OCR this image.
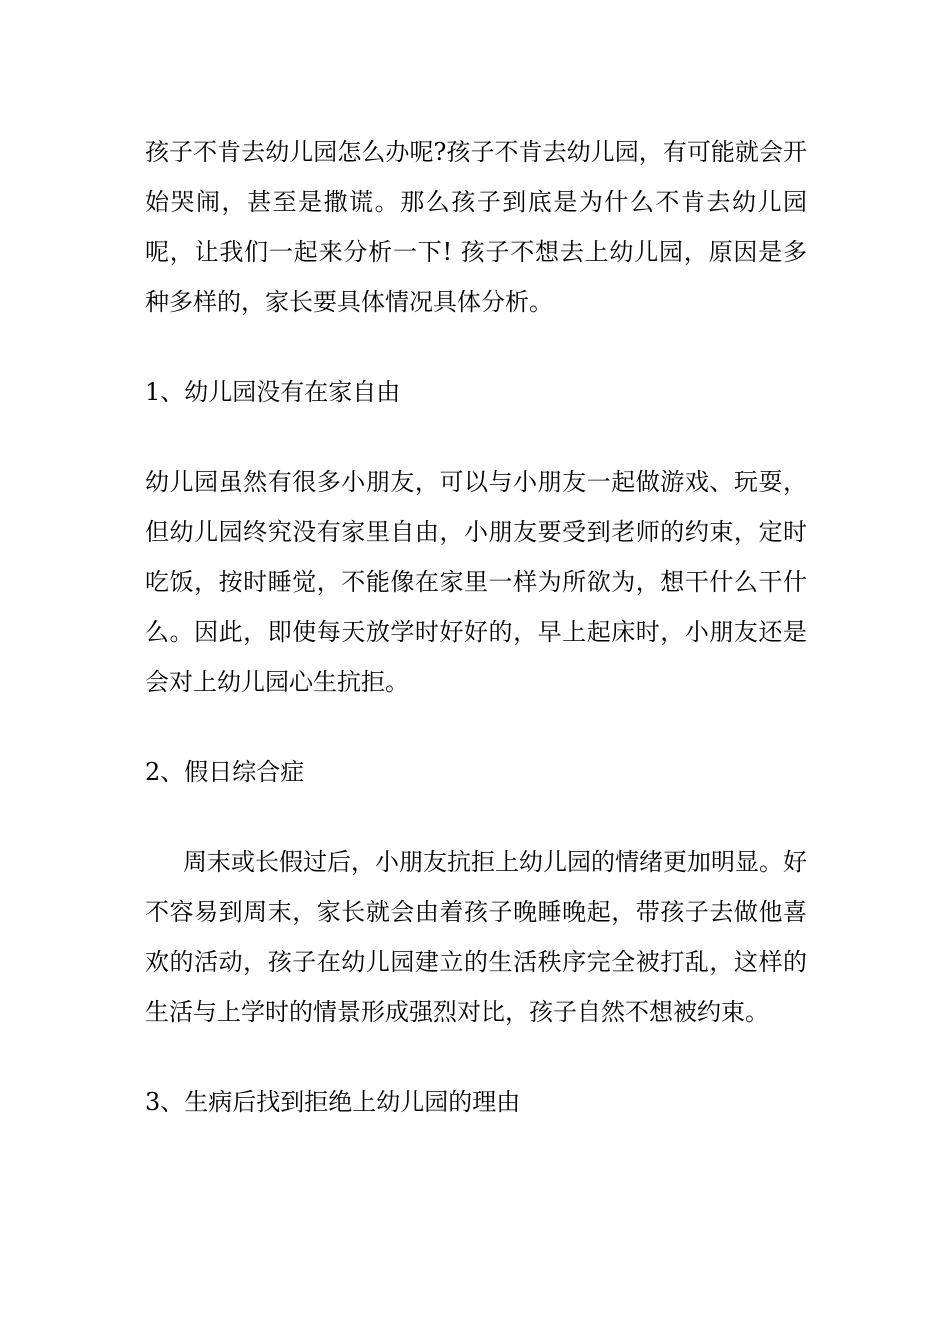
孩子不肯去幼儿园怎么办呢?孩子不肯去幼儿园，有可能就会开始哭闹，甚至是撒谎。那么孩子到底是为什么不肯去幼儿园呢，让我们一起来分析一下! 孩子不想去上幼儿园，原因是多种多样的，家长要具体情况具体分析。

1、幼儿园没有在家自由

幼儿园虽然有很多小朋友，可以与小朋友一起做游戏、玩耍，但幼儿园终究没有家里自由，小朋友要受到老师的约束，定时吃饭，按时睡觉，不能像在家里一样为所欲为，想干什么干什么。因此，即使每天放学时好好的，早上起床时，小朋友还是会对上幼儿园心生抗拒。

2、假日综合症

周末或长假过后，小朋友抗拒上幼儿园的情绪更加明显。好不容易到周末，家长就会由着孩子晚睡晚起，带孩子去做他喜欢的活动，孩子在幼儿园建立的生活秩序完全被打乱，这样的生活与上学时的情景形成强烈对比，孩子自然不想被约束。

3、生病后找到拒绝上幼儿园的理由
